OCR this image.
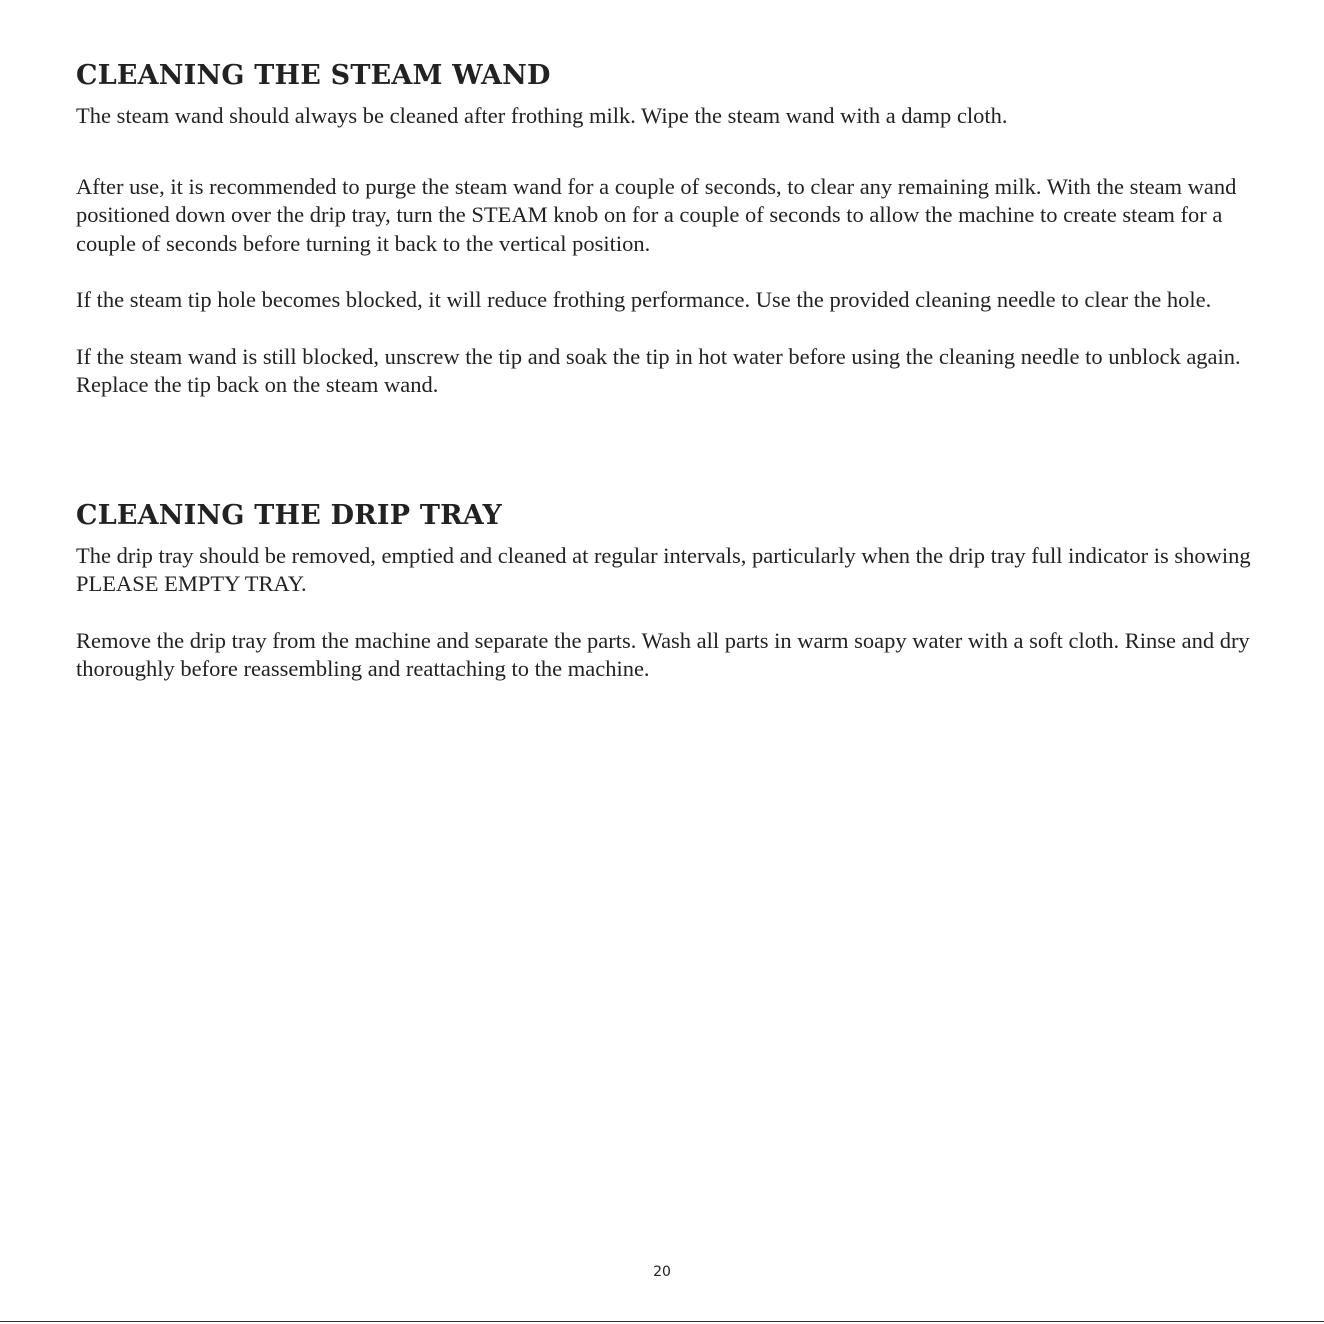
CLEANING THE STEAM WAND

The steam wand should always be cleaned after frothing milk. Wipe the steam wand with a damp cloth.

After use, it is recommended to purge the steam wand for a couple of seconds, to clear any remaining milk. With the steam wand positioned down over the drip tray, turn the STEAM knob on for a couple of seconds to allow the machine to create steam for a couple of seconds before turning it back to the vertical position.

If the steam tip hole becomes blocked, it will reduce frothing performance. Use the provided cleaning needle to clear the hole.

If the steam wand is still blocked, unscrew the tip and soak the tip in hot water before using the cleaning needle to unblock again. Replace the tip back on the steam wand.

CLEANING THE DRIP TRAY

The drip tray should be removed, emptied and cleaned at regular intervals, particularly when the drip tray full indicator is showing PLEASE EMPTY TRAY.

Remove the drip tray from the machine and separate the parts. Wash all parts in warm soapy water with a soft cloth. Rinse and dry thoroughly before reassembling and reattaching to the machine.

20
